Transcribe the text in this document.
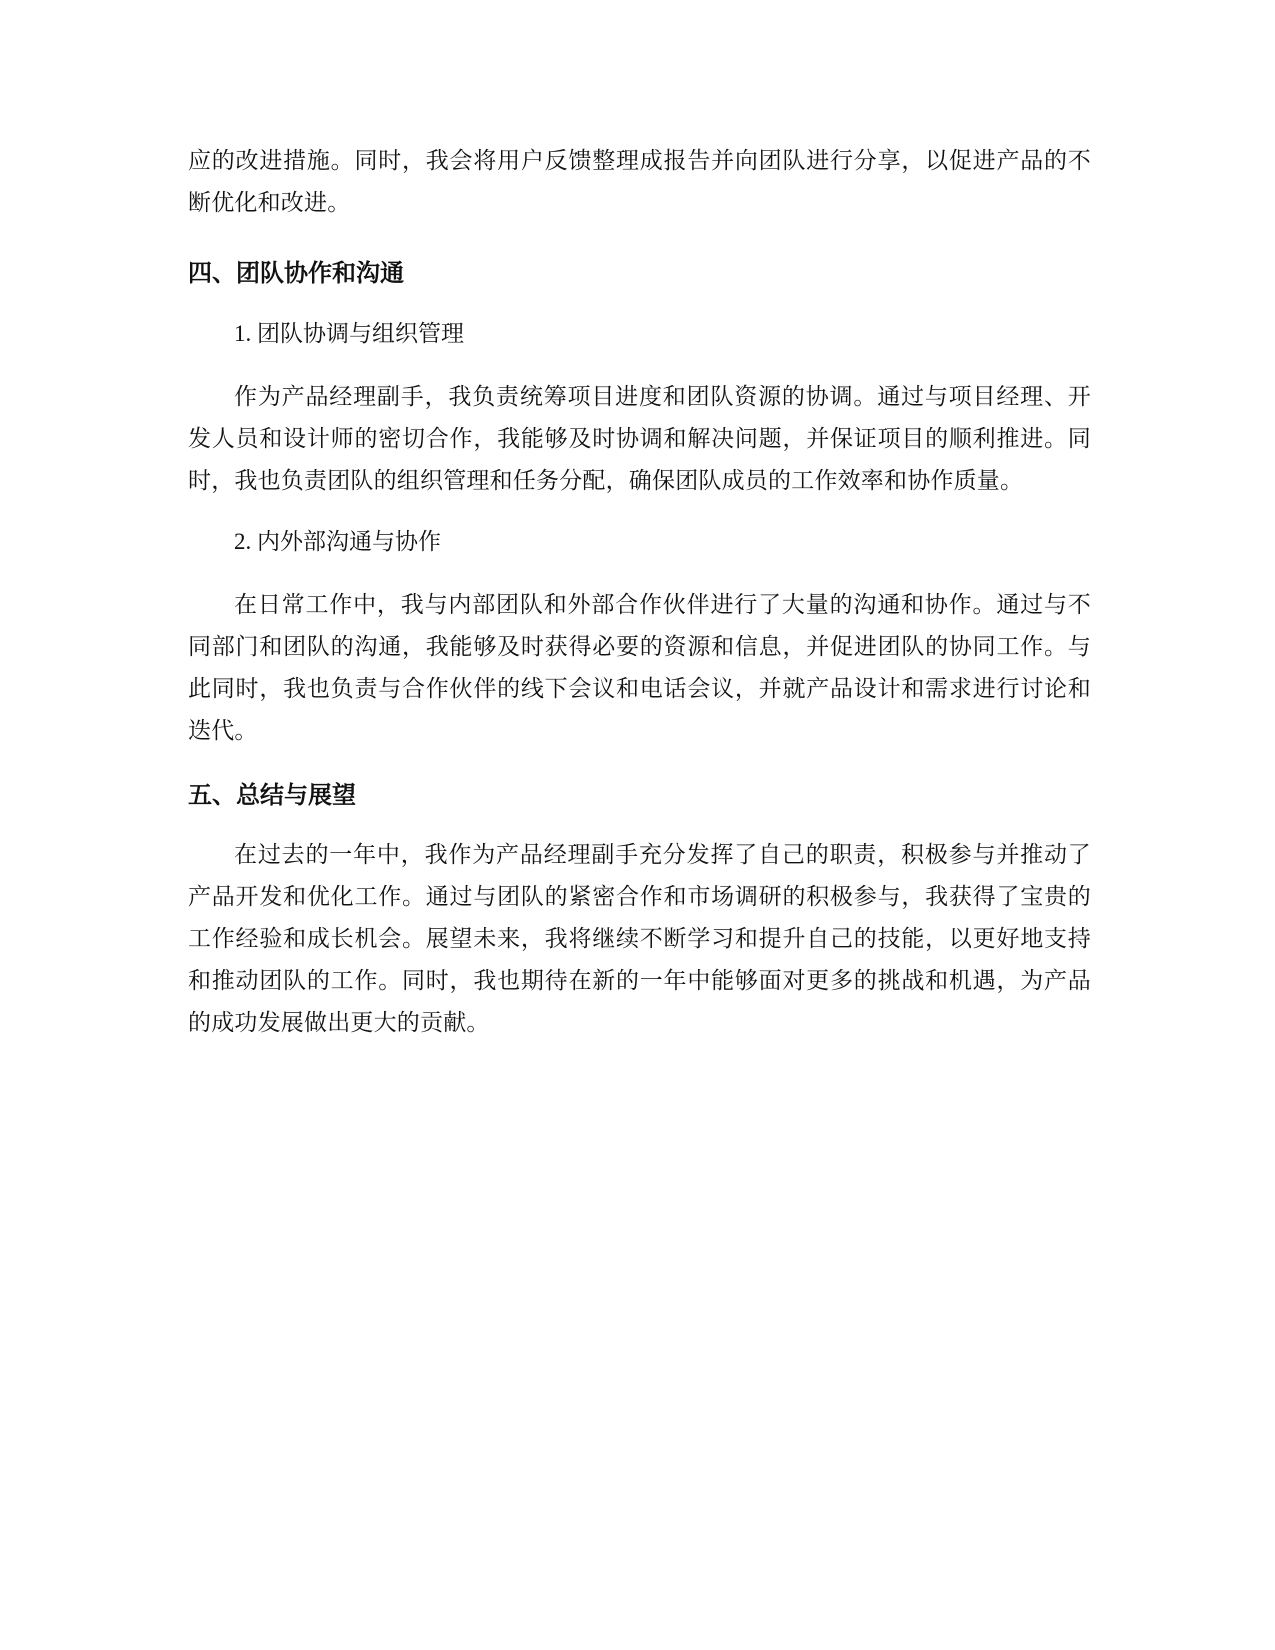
应的改进措施。同时，我会将用户反馈整理成报告并向团队进行分享，以促进产品的不断优化和改进。

四、团队协作和沟通

1. 团队协调与组织管理

作为产品经理副手，我负责统筹项目进度和团队资源的协调。通过与项目经理、开发人员和设计师的密切合作，我能够及时协调和解决问题，并保证项目的顺利推进。同时，我也负责团队的组织管理和任务分配，确保团队成员的工作效率和协作质量。

2. 内外部沟通与协作

在日常工作中，我与内部团队和外部合作伙伴进行了大量的沟通和协作。通过与不同部门和团队的沟通，我能够及时获得必要的资源和信息，并促进团队的协同工作。与此同时，我也负责与合作伙伴的线下会议和电话会议，并就产品设计和需求进行讨论和迭代。

五、总结与展望

在过去的一年中，我作为产品经理副手充分发挥了自己的职责，积极参与并推动了产品开发和优化工作。通过与团队的紧密合作和市场调研的积极参与，我获得了宝贵的工作经验和成长机会。展望未来，我将继续不断学习和提升自己的技能，以更好地支持和推动团队的工作。同时，我也期待在新的一年中能够面对更多的挑战和机遇，为产品的成功发展做出更大的贡献。
